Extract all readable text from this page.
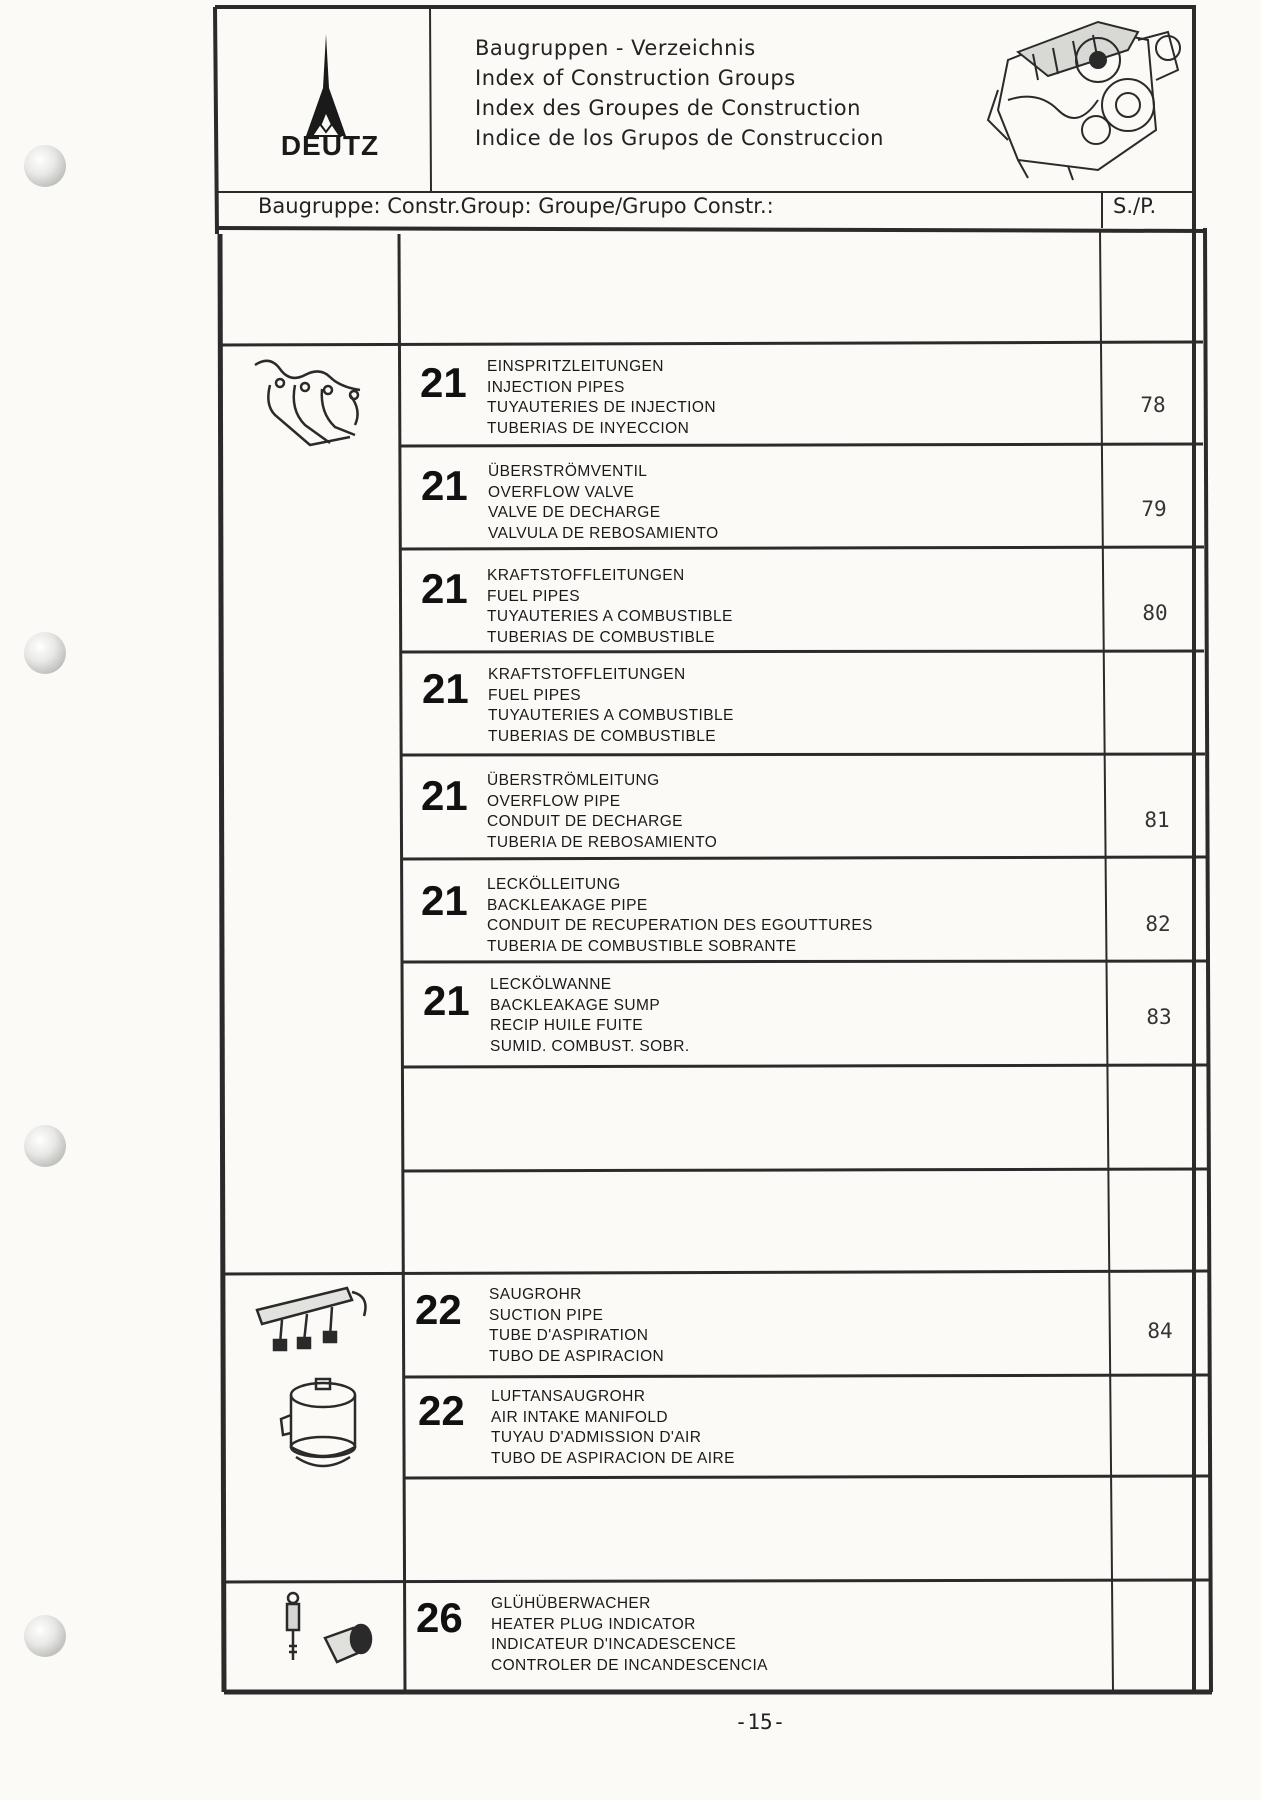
DEUTZ
Baugruppen - Verzeichnis
Index of Construction Groups
Index des Groupes de Construction
Indice de los Grupos de Construccion
Baugruppe: Constr.Group: Groupe/Grupo Constr.:	S./P.
21 EINSPRITZLEITUNGEN
INJECTION PIPES
TUYAUTERIES DE INJECTION
TUBERIAS DE INYECCION
78
21 ÜBERSTRÖMVENTIL
OVERFLOW VALVE
VALVE DE DECHARGE
VALVULA DE REBOSAMIENTO
79
21 KRAFTSTOFFLEITUNGEN
FUEL PIPES
TUYAUTERIES A COMBUSTIBLE
TUBERIAS DE COMBUSTIBLE
80
21 KRAFTSTOFFLEITUNGEN
FUEL PIPES
TUYAUTERIES A COMBUSTIBLE
TUBERIAS DE COMBUSTIBLE
21 ÜBERSTRÖMLEITUNG
OVERFLOW PIPE
CONDUIT DE DECHARGE
TUBERIA DE REBOSAMIENTO
81
21 LECKÖLLEITUNG
BACKLEAKAGE PIPE
CONDUIT DE RECUPERATION DES EGOUTTURES
TUBERIA DE COMBUSTIBLE SOBRANTE
82
21 LECKÖLWANNE
BACKLEAKAGE SUMP
RECIP HUILE FUITE
SUMID. COMBUST. SOBR.
83
22 SAUGROHR
SUCTION PIPE
TUBE D'ASPIRATION
TUBO DE ASPIRACION
84
22 LUFTANSAUGROHR
AIR INTAKE MANIFOLD
TUYAU D'ADMISSION D'AIR
TUBO DE ASPIRACION DE AIRE
26 GLÜHÜBERWACHER
HEATER PLUG INDICATOR
INDICATEUR D'INCADESCENCE
CONTROLER DE INCANDESCENCIA
-15-
